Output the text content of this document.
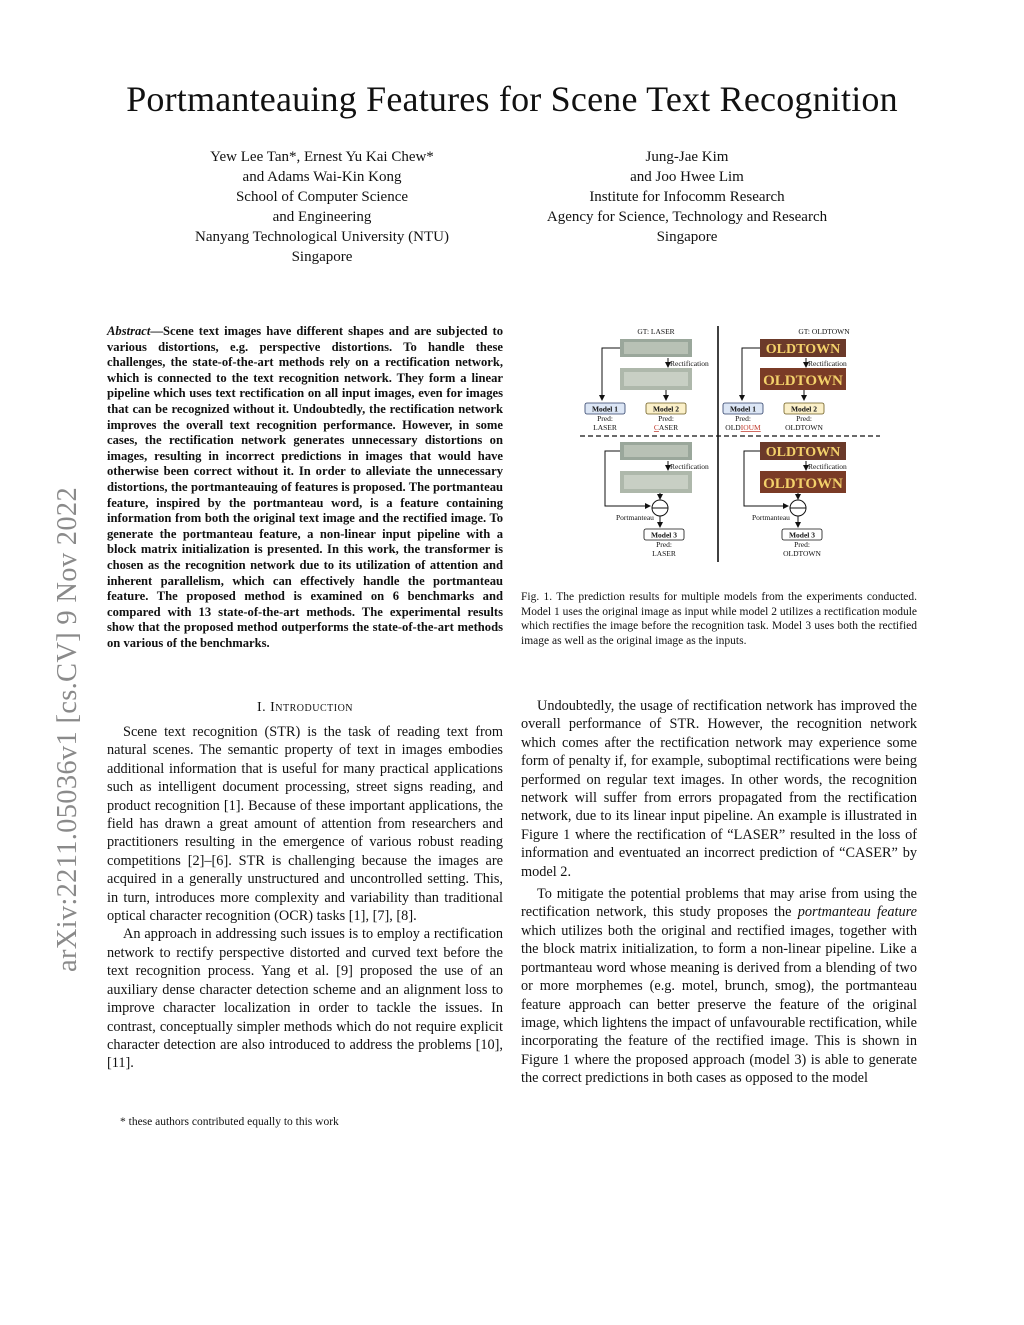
Portmanteauing Features for Scene Text Recognition
Yew Lee Tan*, Ernest Yu Kai Chew*
and Adams Wai-Kin Kong
School of Computer Science
and Engineering
Nanyang Technological University (NTU)
Singapore
Jung-Jae Kim
and Joo Hwee Lim
Institute for Infocomm Research
Agency for Science, Technology and Research
Singapore
arXiv:2211.05036v1 [cs.CV] 9 Nov 2022
Abstract—Scene text images have different shapes and are subjected to various distortions, e.g. perspective distortions. To handle these challenges, the state-of-the-art methods rely on a rectification network, which is connected to the text recognition network. They form a linear pipeline which uses text rectification on all input images, even for images that can be recognized without it. Undoubtedly, the rectification network improves the overall text recognition performance. However, in some cases, the rectification network generates unnecessary distortions on images, resulting in incorrect predictions in images that would have otherwise been correct without it. In order to alleviate the unnecessary distortions, the portmanteauing of features is proposed. The portmanteau feature, inspired by the portmanteau word, is a feature containing information from both the original text image and the rectified image. To generate the portmanteau feature, a non-linear input pipeline with a block matrix initialization is presented. In this work, the transformer is chosen as the recognition network due to its utilization of attention and inherent parallelism, which can effectively handle the portmanteau feature. The proposed method is examined on 6 benchmarks and compared with 13 state-of-the-art methods. The experimental results show that the proposed method outperforms the state-of-the-art methods on various of the benchmarks.
I. Introduction

Scene text recognition (STR) is the task of reading text from natural scenes. The semantic property of text in images embodies additional information that is useful for many practical applications such as intelligent document processing, street signs reading, and product recognition [1]. Because of these important applications, the field has drawn a great amount of attention from researchers and practitioners resulting in the emergence of various robust reading competitions [2]–[6]. STR is challenging because the images are acquired in a generally unstructured and uncontrolled setting. This, in turn, introduces more complexity and variability than traditional optical character recognition (OCR) tasks [1], [7], [8].

An approach in addressing such issues is to employ a rectification network to rectify perspective distorted and curved text before the text recognition process. Yang et al. [9] proposed the use of an auxiliary dense character detection scheme and an alignment loss to improve character localization in order to tackle the issues. In contrast, conceptually simpler methods which do not require explicit character detection are also introduced to address the problems [10], [11].

* these authors contributed equally to this work
GT: LASER
Rectification
Model 1
Pred:
LASER
Model 2
Pred:
CASER
GT: OLDTOWN
OLDTOWN
OLDTOWN
Rectification
Model 1
Pred:
OLDIOUM
Model 2
Pred:
OLDTOWN
Rectification
Portmanteau
Model 3
Pred:
LASER
OLDTOWN
OLDTOWN
Rectification
Portmanteau
Model 3
Pred:
OLDTOWN
Fig. 1. The prediction results for multiple models from the experiments conducted. Model 1 uses the original image as input while model 2 utilizes a rectification module which rectifies the image before the recognition task. Model 3 uses both the rectified image as well as the original image as the inputs.

Undoubtedly, the usage of rectification network has improved the overall performance of STR. However, the recognition network which comes after the rectification network may experience some form of penalty if, for example, suboptimal rectifications were being performed on regular text images. In other words, the recognition network will suffer from errors propagated from the rectification network, due to its linear input pipeline. An example is illustrated in Figure 1 where the rectification of “LASER” resulted in the loss of information and eventuated an incorrect prediction of “CASER” by model 2.

To mitigate the potential problems that may arise from using the rectification network, this study proposes the portmanteau feature which utilizes both the original and rectified images, together with the block matrix initialization, to form a non-linear pipeline. Like a portmanteau word whose meaning is derived from a blending of two or more morphemes (e.g. motel, brunch, smog), the portmanteau feature approach can better preserve the feature of the original image, which lightens the impact of unfavourable rectification, while incorporating the feature of the rectified image. This is shown in Figure 1 where the proposed approach (model 3) is able to generate the correct predictions in both cases as opposed to the model
